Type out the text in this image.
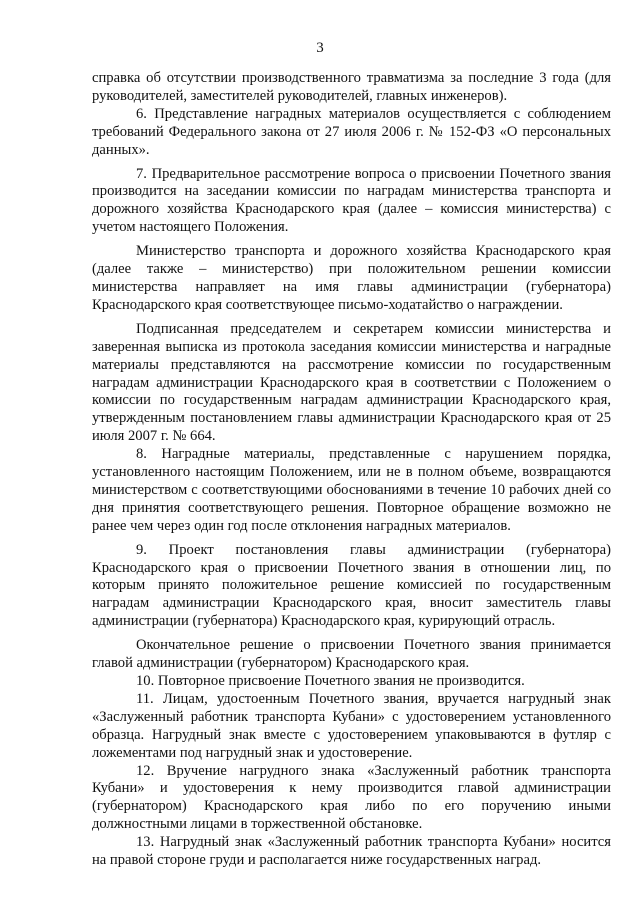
3

справка об отсутствии производственного травматизма за последние 3 года (для руководителей, заместителей руководителей, главных инженеров).

6. Представление наградных материалов осуществляется с соблюдением требований Федерального закона от 27 июля 2006 г. № 152-ФЗ «О персональных данных».

7. Предварительное рассмотрение вопроса о присвоении Почетного звания производится на заседании комиссии по наградам министерства транспорта и дорожного хозяйства Краснодарского края (далее – комиссия министерства) с учетом настоящего Положения.

Министерство транспорта и дорожного хозяйства Краснодарского края (далее также – министерство) при положительном решении комиссии министерства направляет на имя главы администрации (губернатора) Краснодарского края соответствующее письмо-ходатайство о награждении.

Подписанная председателем и секретарем комиссии министерства и заверенная выписка из протокола заседания комиссии министерства и наградные материалы представляются на рассмотрение комиссии по государственным наградам администрации Краснодарского края в соответствии с Положением о комиссии по государственным наградам администрации Краснодарского края, утвержденным постановлением главы администрации Краснодарского края от 25 июля 2007 г. № 664.

8. Наградные материалы, представленные с нарушением порядка, установленного настоящим Положением, или не в полном объеме, возвращаются министерством с соответствующими обоснованиями в течение 10 рабочих дней со дня принятия соответствующего решения. Повторное обращение возможно не ранее чем через один год после отклонения наградных материалов.

9. Проект постановления главы администрации (губернатора) Краснодарского края о присвоении Почетного звания в отношении лиц, по которым принято положительное решение комиссией по государственным наградам администрации Краснодарского края, вносит заместитель главы администрации (губернатора) Краснодарского края, курирующий отрасль.

Окончательное решение о присвоении Почетного звания принимается главой администрации (губернатором) Краснодарского края.

10. Повторное присвоение Почетного звания не производится.

11. Лицам, удостоенным Почетного звания, вручается нагрудный знак «Заслуженный работник транспорта Кубани» с удостоверением установленного образца. Нагрудный знак вместе с удостоверением упаковываются в футляр с ложементами под нагрудный знак и удостоверение.

12. Вручение нагрудного знака «Заслуженный работник транспорта Кубани» и удостоверения к нему производится главой администрации (губернатором) Краснодарского края либо по его поручению иными должностными лицами в торжественной обстановке.

13. Нагрудный знак «Заслуженный работник транспорта Кубани» носится на правой стороне груди и располагается ниже государственных наград.
